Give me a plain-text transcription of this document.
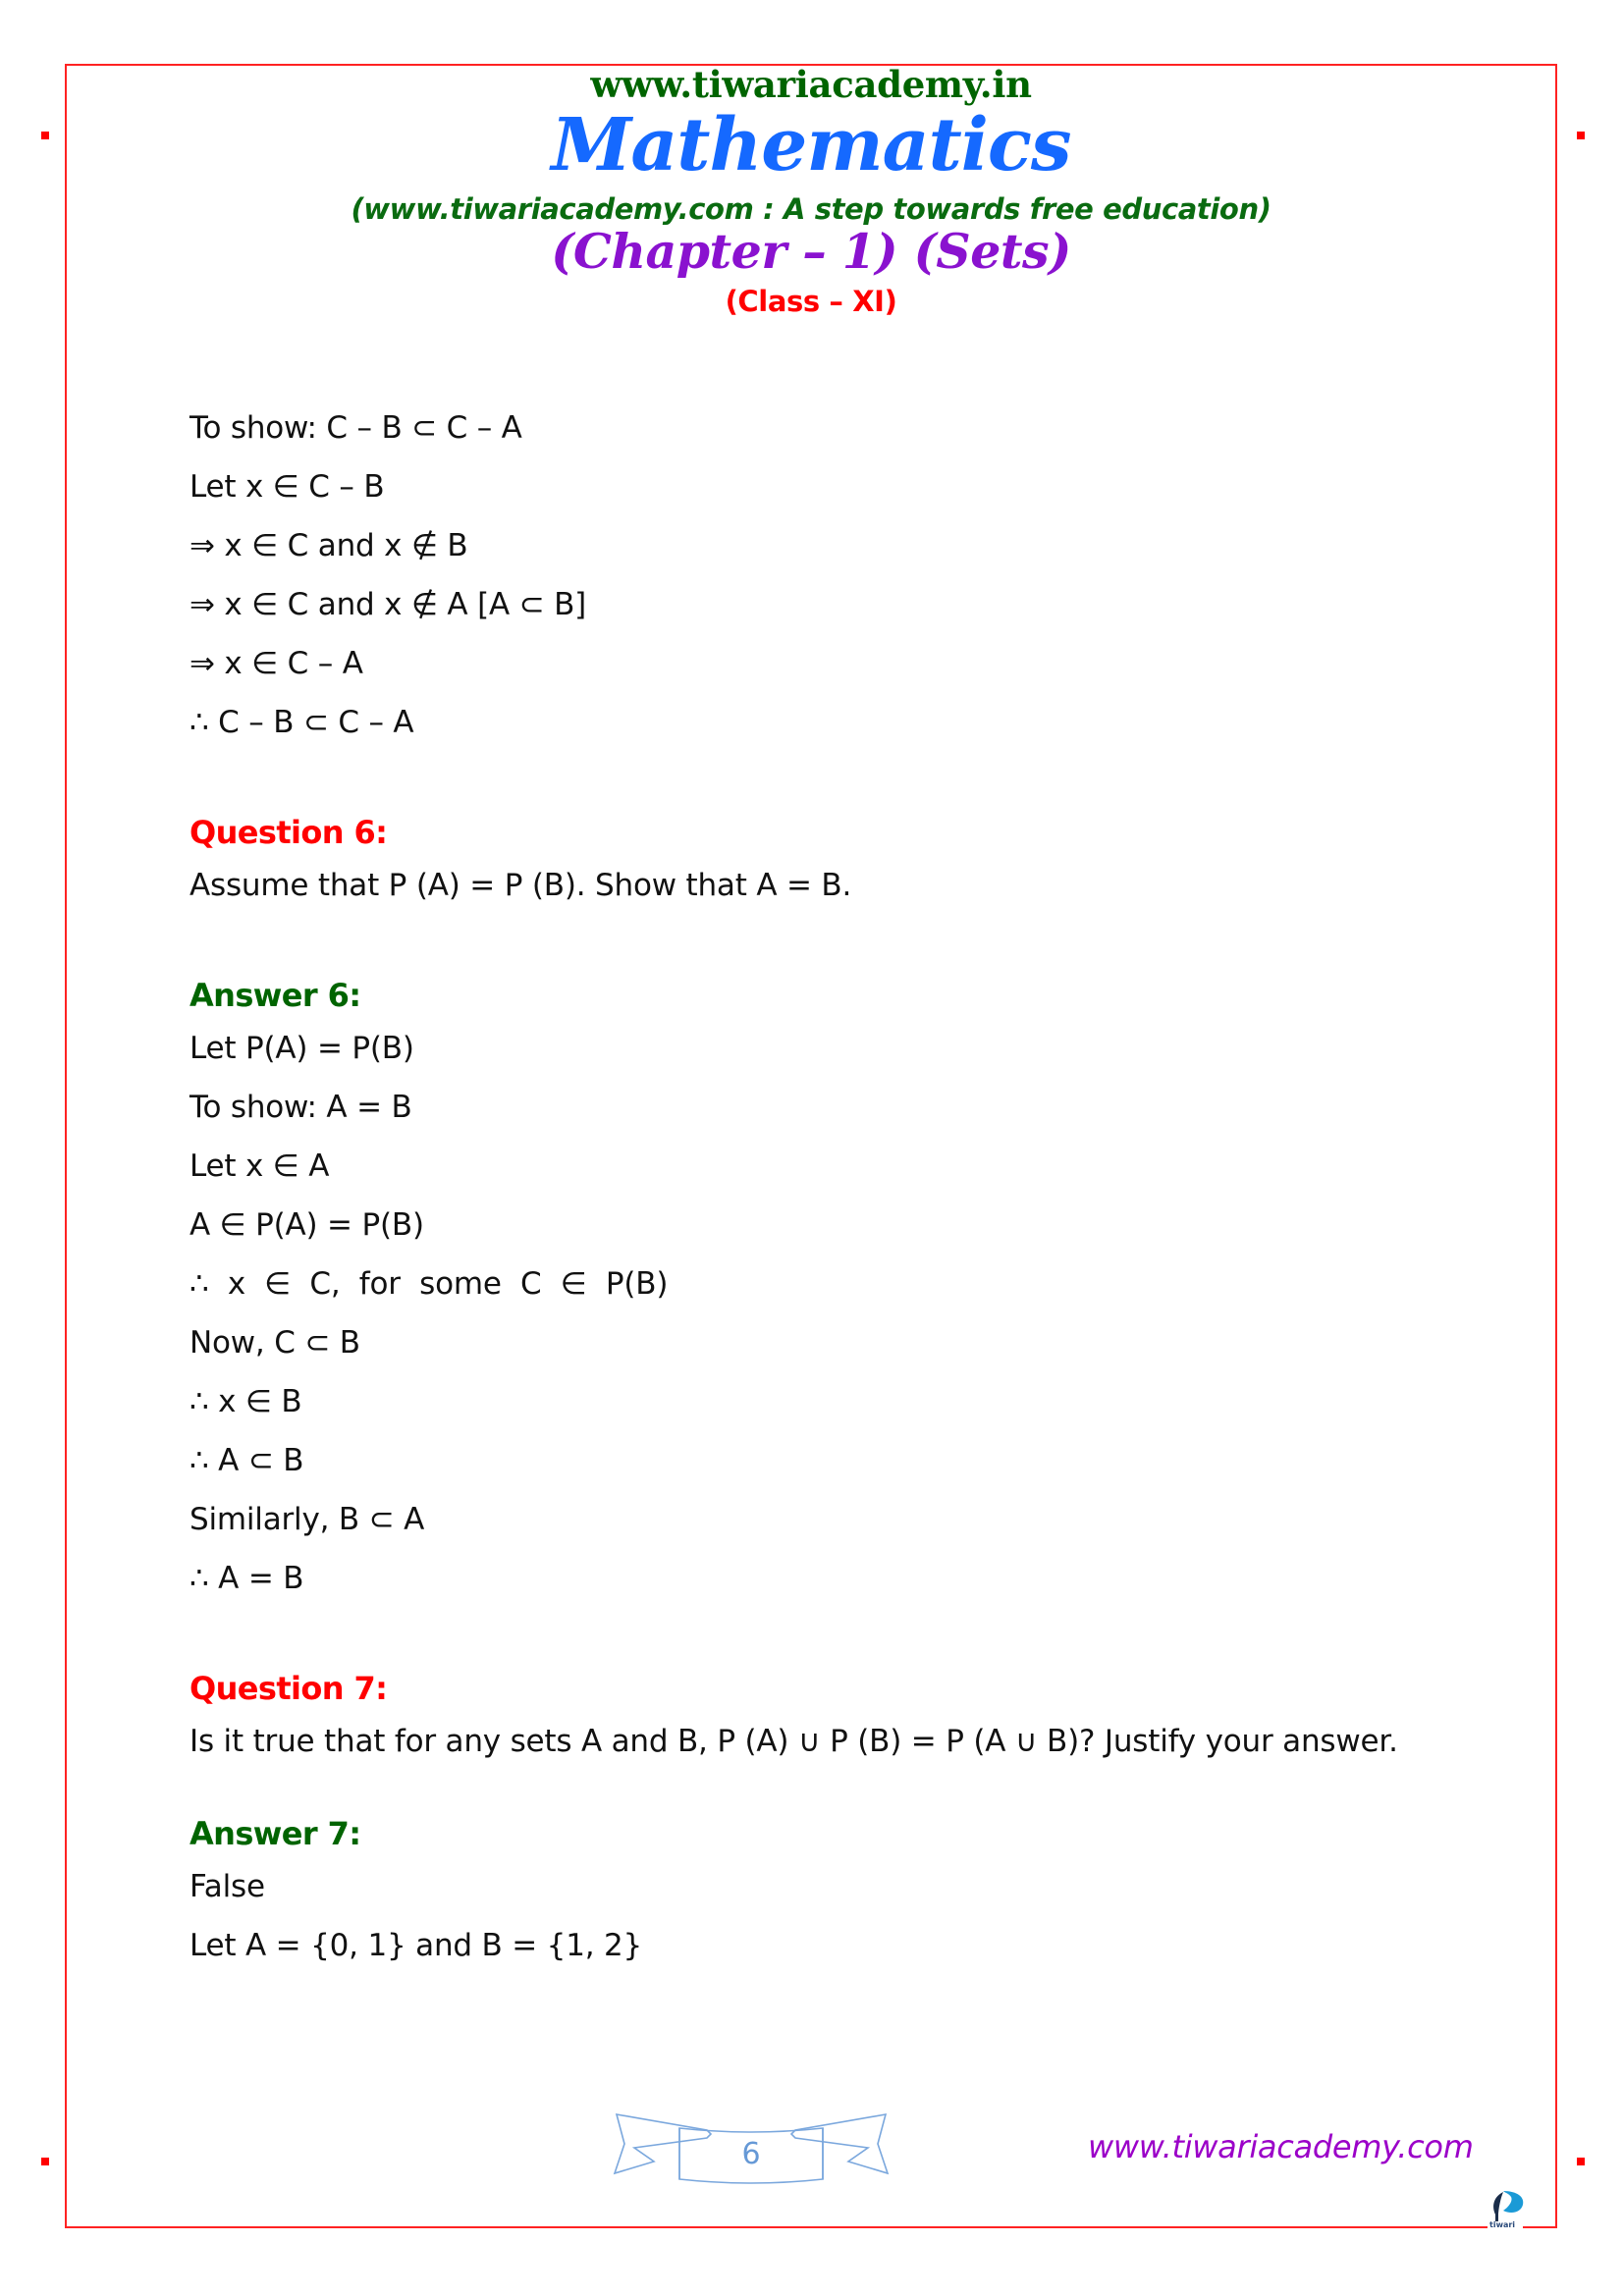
www.tiwariacademy.in
Mathematics
(www.tiwariacademy.com : A step towards free education)
(Chapter – 1) (Sets)
(Class – XI)
To show: C – B ⊂ C – A
Let x ∈ C – B
⇒ x ∈ C and x ∉ B
⇒ x ∈ C and x ∉ A [A ⊂ B]
⇒ x ∈ C – A
∴ C – B ⊂ C – A
Question 6:
Assume that P (A) = P (B). Show that A = B.
Answer 6:
Let P(A) = P(B)
To show: A = B
Let x ∈ A
A ∈ P(A) = P(B)
∴  x  ∈  C,  for  some  C  ∈  P(B)
Now, C ⊂ B
∴ x ∈ B
∴ A ⊂ B
Similarly, B ⊂ A
∴ A = B
Question 7:
Is it true that for any sets A and B, P (A) ∪ P (B) = P (A ∪ B)? Justify your answer.
Answer 7:
False
Let A = {0, 1} and B = {1, 2}
6	www.tiwariacademy.com
tiwari
